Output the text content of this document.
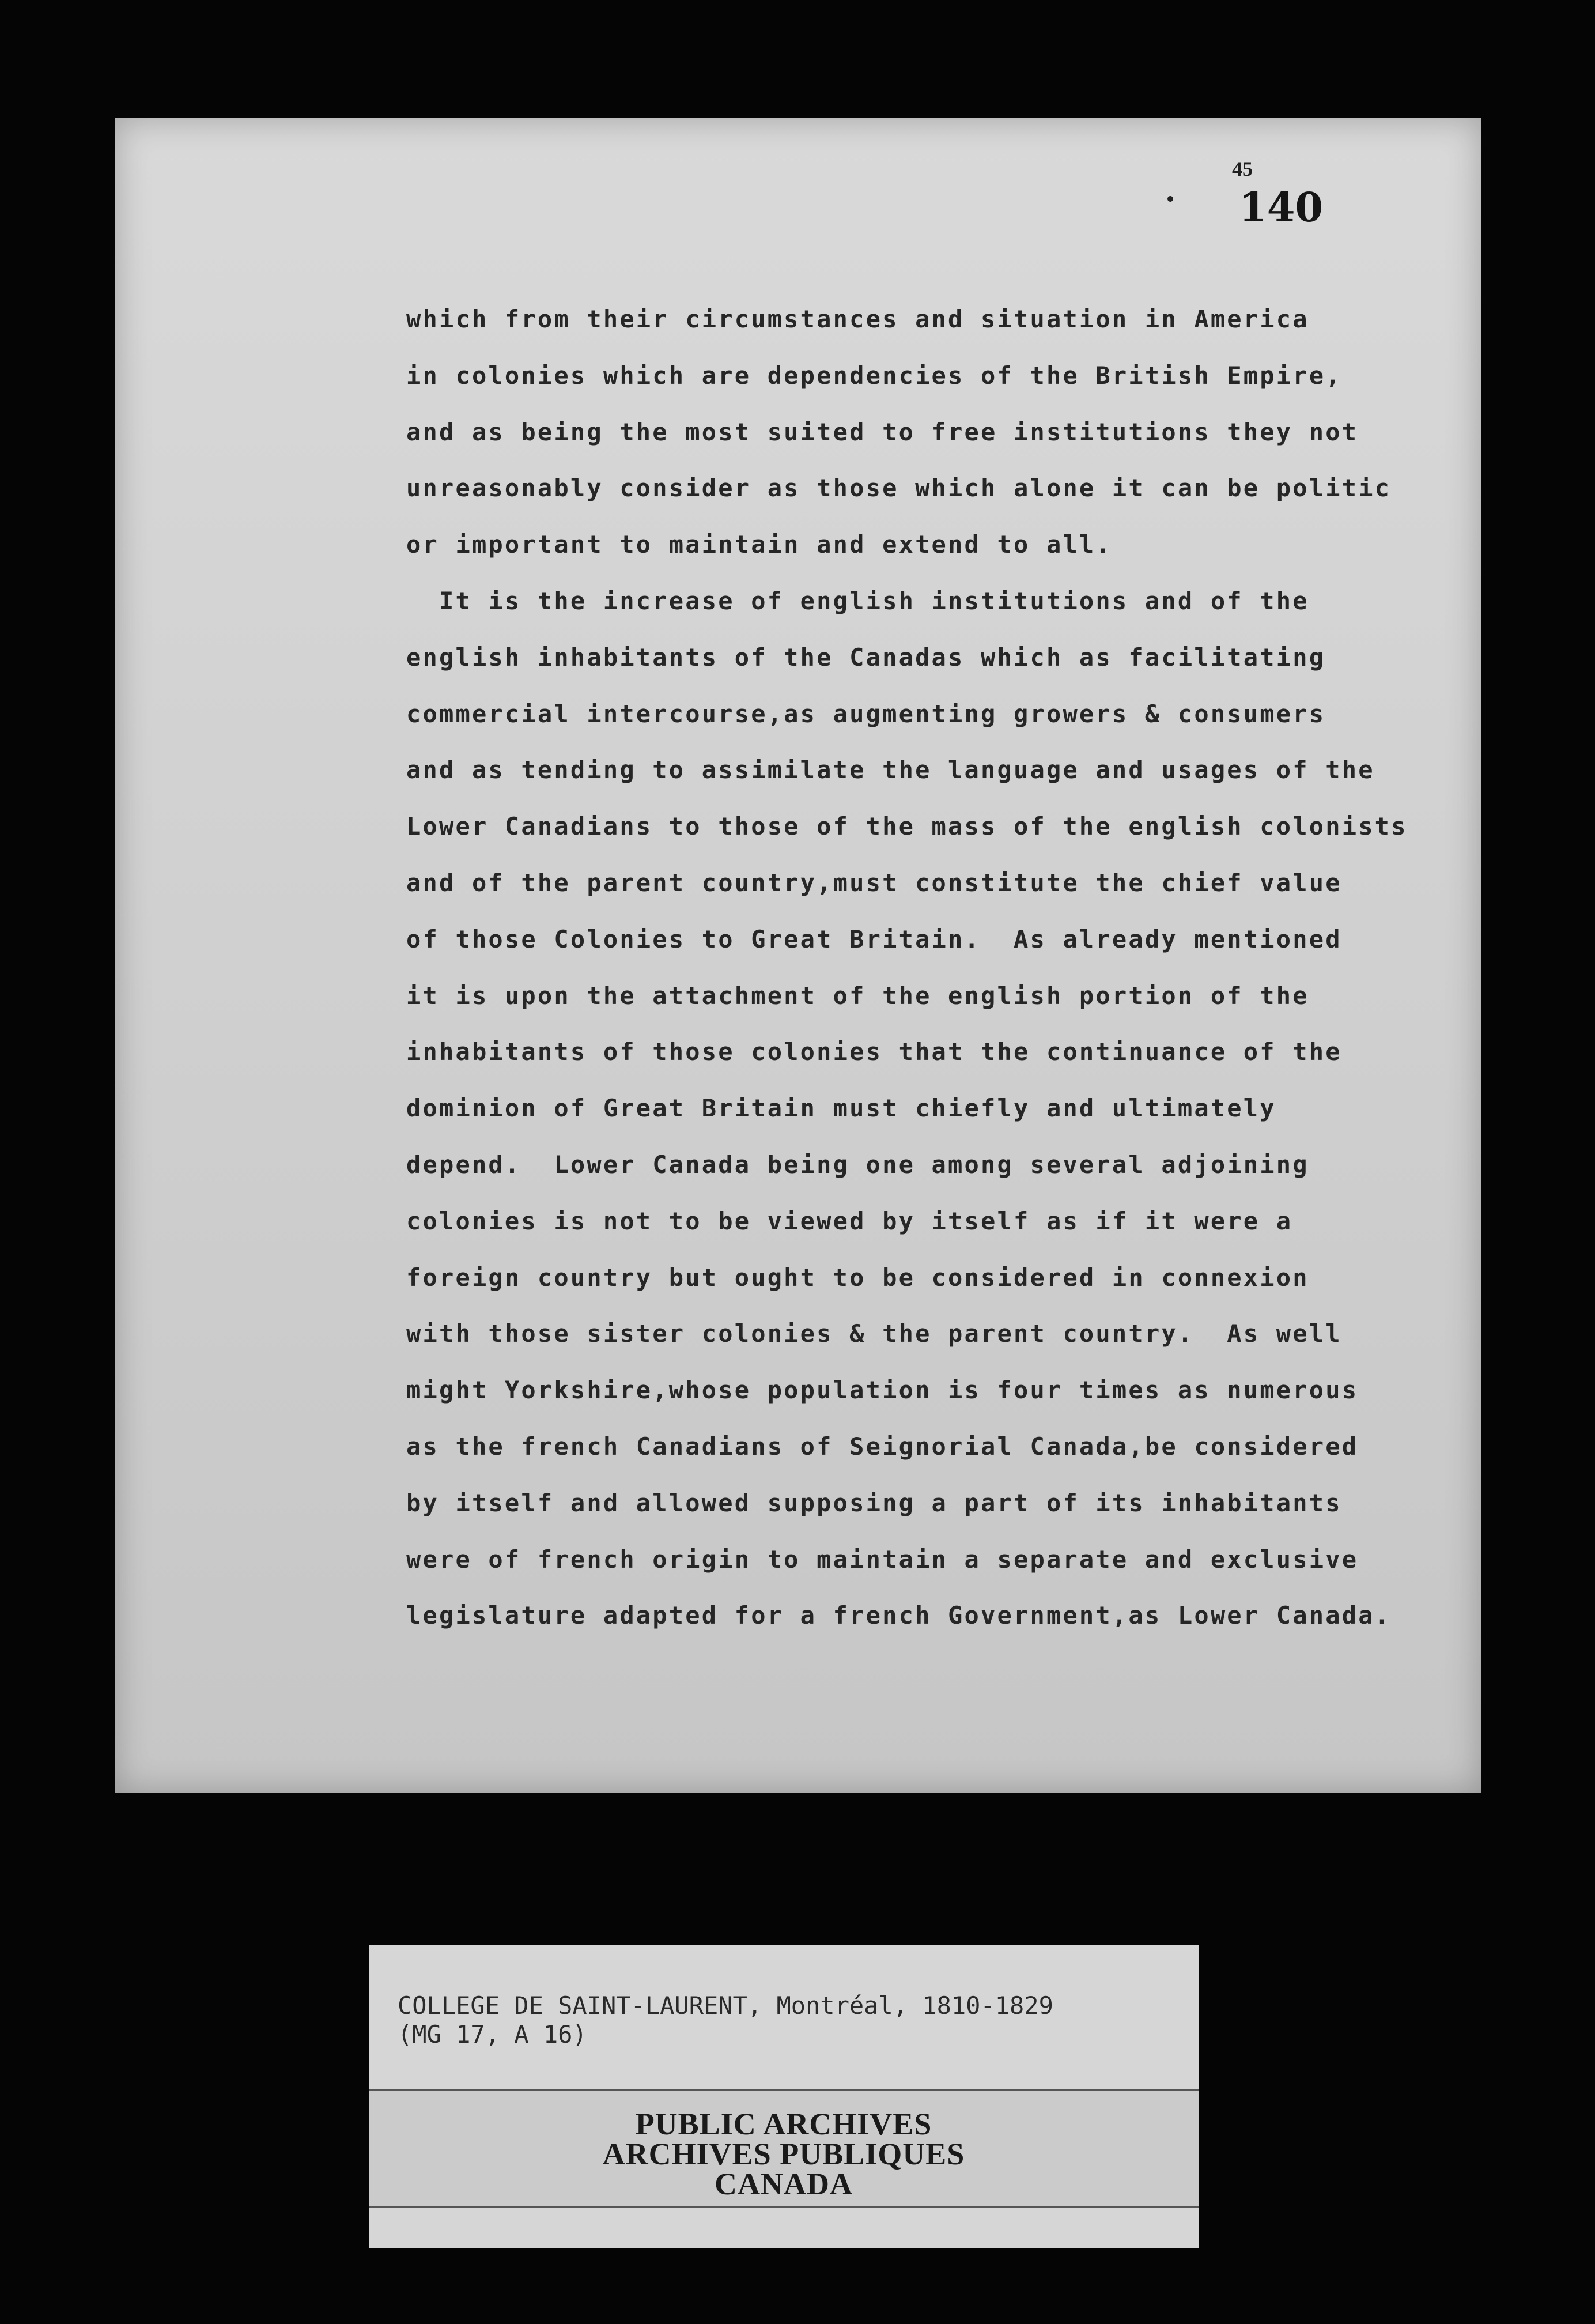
45
140
which from their circumstances and situation in America
in colonies which are dependencies of the British Empire,
and as being the most suited to free institutions they not
unreasonably consider as those which alone it can be politic
or important to maintain and extend to all.
It is the increase of english institutions and of the
english inhabitants of the Canadas which as facilitating
commercial intercourse,as augmenting growers & consumers
and as tending to assimilate the language and usages of the
Lower Canadians to those of the mass of the english colonists
and of the parent country,must constitute the chief value
of those Colonies to Great Britain.  As already mentioned
it is upon the attachment of the english portion of the
inhabitants of those colonies that the continuance of the
dominion of Great Britain must chiefly and ultimately
depend.  Lower Canada being one among several adjoining
colonies is not to be viewed by itself as if it were a
foreign country but ought to be considered in connexion
with those sister colonies & the parent country.  As well
might Yorkshire,whose population is four times as numerous
as the french Canadians of Seignorial Canada,be considered
by itself and allowed supposing a part of its inhabitants
were of french origin to maintain a separate and exclusive
legislature adapted for a french Government,as Lower Canada.
COLLEGE DE SAINT-LAURENT, Montréal, 1810-1829
(MG 17, A 16)
PUBLIC ARCHIVES
ARCHIVES PUBLIQUES
CANADA
